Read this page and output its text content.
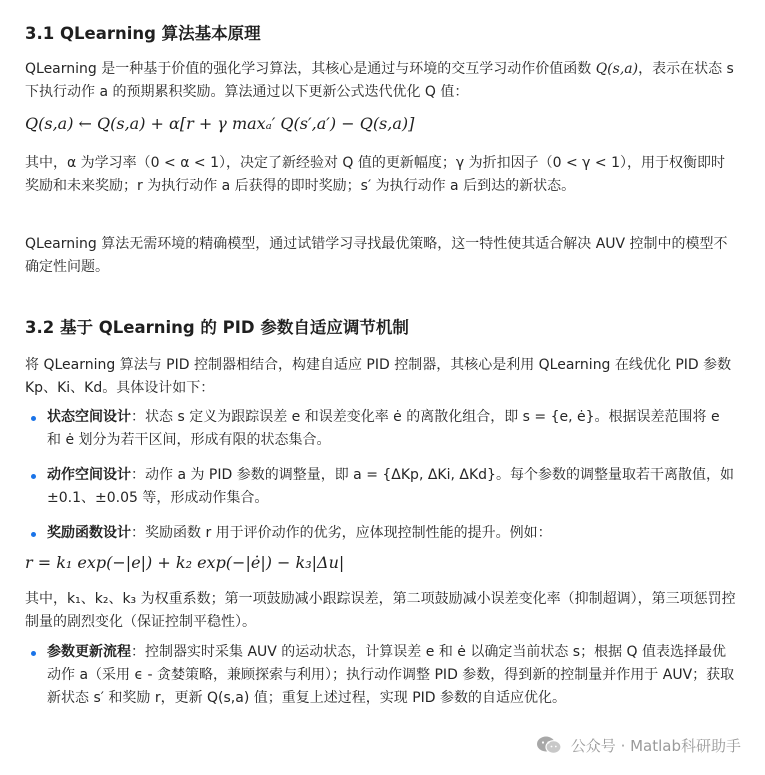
3.1 QLearning 算法基本原理

QLearning 是一种基于价值的强化学习算法，其核心是通过与环境的交互学习动作价值函数 Q(s,a)，表示在状态 s 下执行动作 a 的预期累积奖励。算法通过以下更新公式迭代优化 Q 值：

Q(s,a) ← Q(s,a) + α[r + γ maxₐ′ Q(s′,a′) − Q(s,a)]

其中，α 为学习率（0 < α < 1），决定了新经验对 Q 值的更新幅度；γ 为折扣因子（0 < γ < 1），用于权衡即时奖励和未来奖励；r 为执行动作 a 后获得的即时奖励；s′ 为执行动作 a 后到达的新状态。

QLearning 算法无需环境的精确模型，通过试错学习寻找最优策略，这一特性使其适合解决 AUV 控制中的模型不确定性问题。

3.2 基于 QLearning 的 PID 参数自适应调节机制

将 QLearning 算法与 PID 控制器相结合，构建自适应 PID 控制器，其核心是利用 QLearning 在线优化 PID 参数 Kp、Ki、Kd。具体设计如下：

状态空间设计：状态 s 定义为跟踪误差 e 和误差变化率 ė 的离散化组合，即 s = {e, ė}。根据误差范围将 e 和 ė 划分为若干区间，形成有限的状态集合。

动作空间设计：动作 a 为 PID 参数的调整量，即 a = {ΔKp, ΔKi, ΔKd}。每个参数的调整量取若干离散值，如 ±0.1、±0.05 等，形成动作集合。

奖励函数设计：奖励函数 r 用于评价动作的优劣，应体现控制性能的提升。例如：

r = k₁ exp(−|e|) + k₂ exp(−|ė|) − k₃|Δu|

其中，k₁、k₂、k₃ 为权重系数；第一项鼓励减小跟踪误差，第二项鼓励减小误差变化率（抑制超调），第三项惩罚控制量的剧烈变化（保证控制平稳性）。

参数更新流程：控制器实时采集 AUV 的运动状态，计算误差 e 和 ė 以确定当前状态 s；根据 Q 值表选择最优动作 a（采用 ϵ - 贪婪策略，兼顾探索与利用）；执行动作调整 PID 参数，得到新的控制量并作用于 AUV；获取新状态 s′ 和奖励 r，更新 Q(s,a) 值；重复上述过程，实现 PID 参数的自适应优化。

公众号 · Matlab科研助手
